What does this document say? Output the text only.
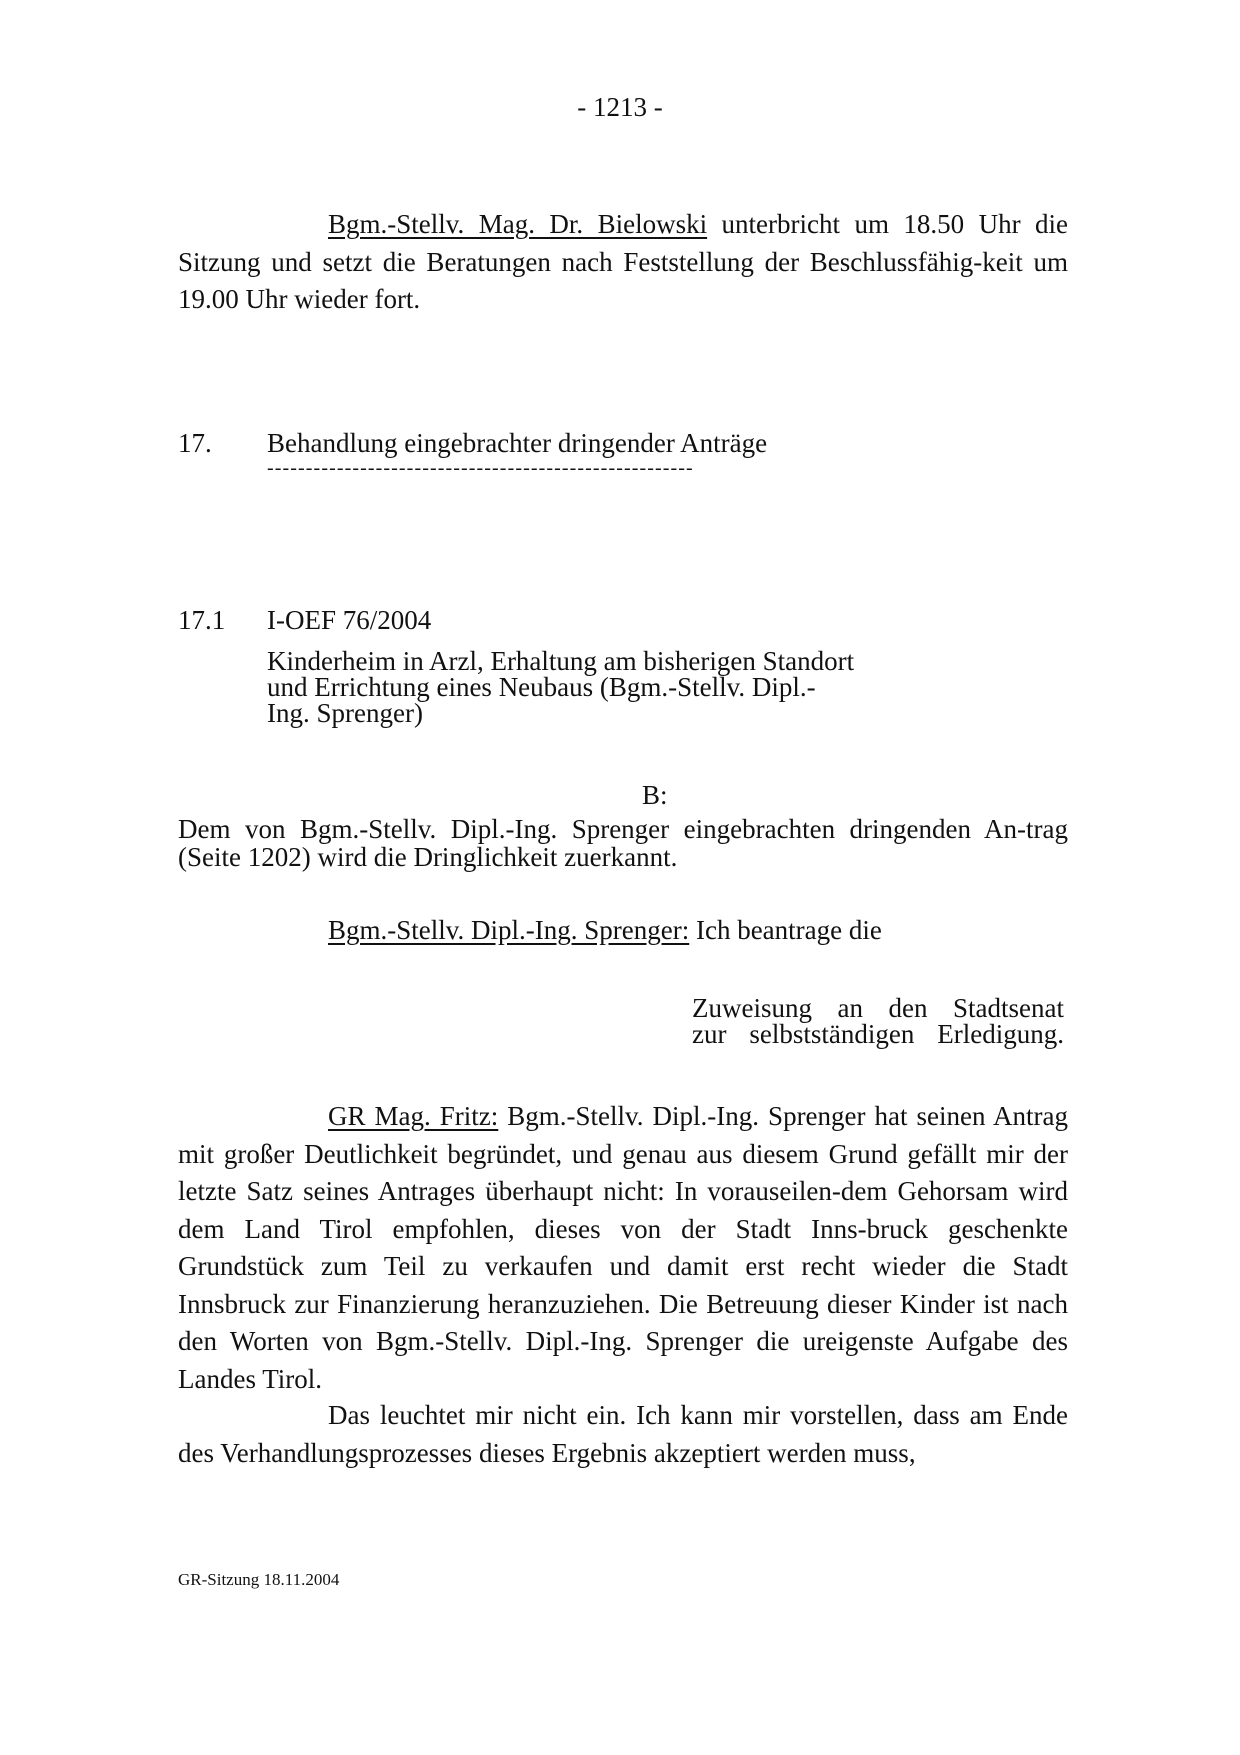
- 1213 -
Bgm.-Stellv. Mag. Dr. Bielowski unterbricht um 18.50 Uhr die Sitzung und setzt die Beratungen nach Feststellung der Beschlussfähig-keit um 19.00 Uhr wieder fort.
17. Behandlung eingebrachter dringender Anträge
-------------------------------------------------------
17.1 I-OEF 76/2004
Kinderheim in Arzl, Erhaltung am bisherigen Standort
und Errichtung eines Neubaus (Bgm.-Stellv. Dipl.-
Ing. Sprenger)
B:
Dem von Bgm.-Stellv. Dipl.-Ing. Sprenger eingebrachten dringenden An-trag (Seite 1202) wird die Dringlichkeit zuerkannt.
Bgm.-Stellv. Dipl.-Ing. Sprenger: Ich beantrage die
Zuweisung an den Stadtsenat
zur selbstständigen Erledigung.
GR Mag. Fritz: Bgm.-Stellv. Dipl.-Ing. Sprenger hat seinen Antrag mit großer Deutlichkeit begründet, und genau aus diesem Grund gefällt mir der letzte Satz seines Antrages überhaupt nicht: In vorauseilen-dem Gehorsam wird dem Land Tirol empfohlen, dieses von der Stadt Inns-bruck geschenkte Grundstück zum Teil zu verkaufen und damit erst recht wieder die Stadt Innsbruck zur Finanzierung heranzuziehen. Die Betreuung dieser Kinder ist nach den Worten von Bgm.-Stellv. Dipl.-Ing. Sprenger die ureigenste Aufgabe des Landes Tirol.
Das leuchtet mir nicht ein. Ich kann mir vorstellen, dass am Ende des Verhandlungsprozesses dieses Ergebnis akzeptiert werden muss,
GR-Sitzung 18.11.2004
